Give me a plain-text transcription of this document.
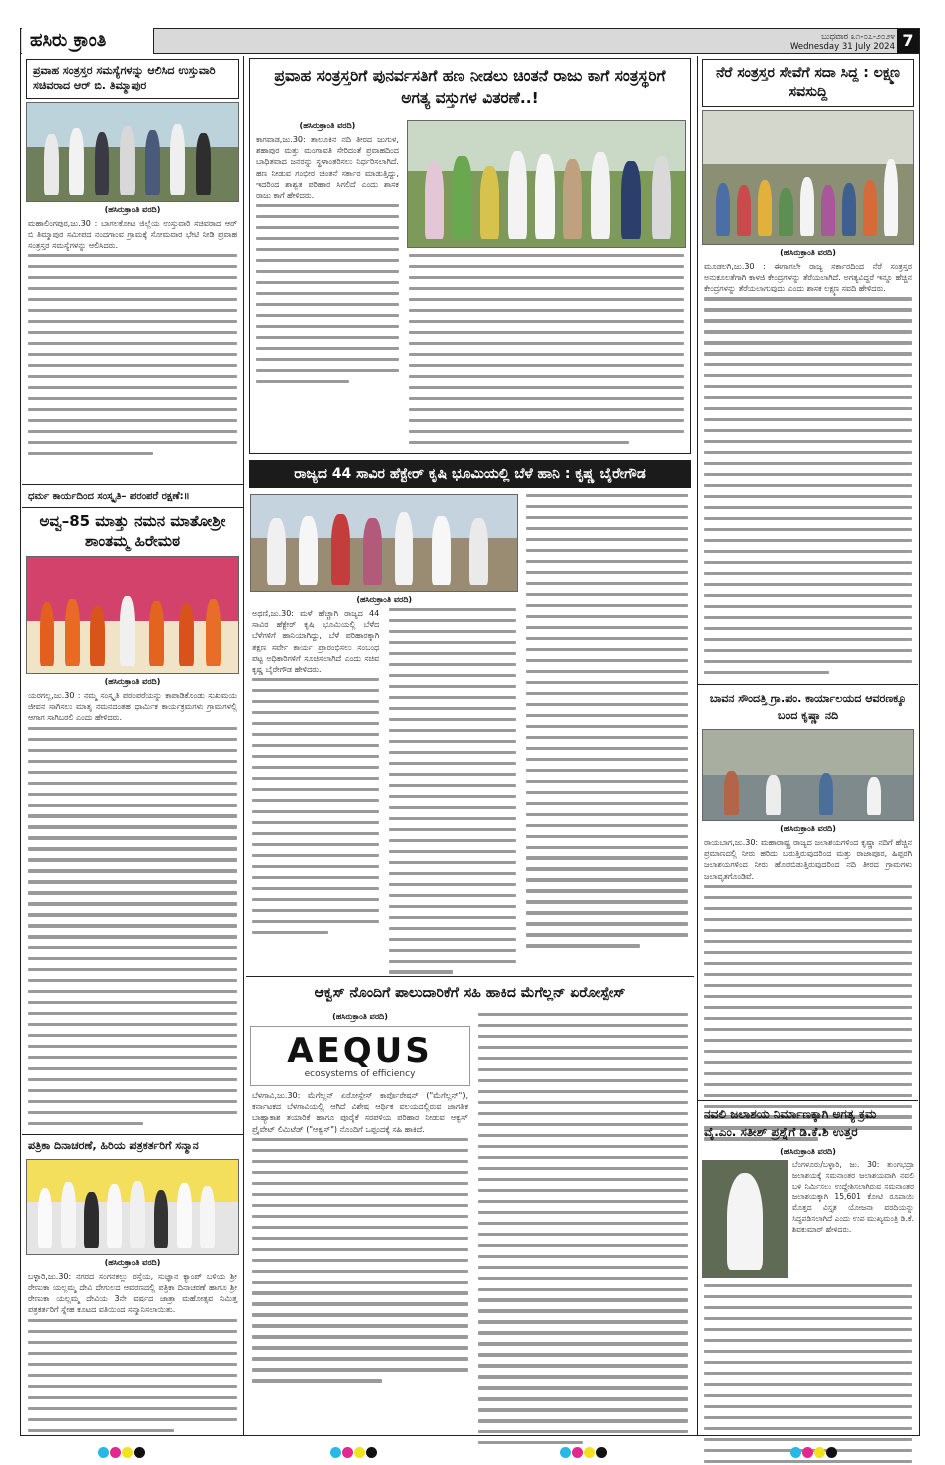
ಬುಧವಾರ ೩೧-೦೭-೨೦೨೪
Wednesday 31 July 2024 7
ಹಸಿರು ಕ್ರಾಂತಿ
ಪ್ರವಾಹ ಸಂತ್ರಸ್ತರ ಸಮಸ್ಯೆಗಳನ್ನು ಆಲಿಸಿದ ಉಸ್ತುವಾರಿ ಸಚಿವರಾದ ಆರ್ ಬಿ. ತಿಮ್ಮಾಪುರ
(ಹಸಿರುಕ್ರಾಂತಿ ವರದಿ)
ಮಹಾಲಿಂಗಪುರ,ಜು.30 : ಬಾಗಲಕೋಟ ಜಿಲ್ಲೆಯ ಉಸ್ತುವಾರಿ ಸಚಿವರಾದ ಆರ್ ಬಿ ತಿಮ್ಮಾಪುರ ಸಮೀಪದ ನಂದಗಾಂವ ಗ್ರಾಮಕ್ಕೆ ಸೋಮವಾರ ಭೇಟಿ ನೀಡಿ ಪ್ರವಾಹ ಸಂತ್ರಸ್ತರ ಸಮಸ್ಯೆಗಳನ್ನು ಆಲಿಸಿದರು.
ಧರ್ಮ ಕಾರ್ಯದಿಂದ ಸಂಸ್ಕೃತಿ– ಪರಂಪರೆ ರಕ್ಷಣೆ:॥
ಅವ್ವ–85 ಮಾತ್ತು ನಮನ ಮಾತೋಶ್ರೀ ಶಾಂತಮ್ಮ ಹಿರೇಮಠ
(ಹಸಿರುಕ್ರಾಂತಿ ವರದಿ)
ಯರಗಲ್ಲ,ಜು.30 : ನಮ್ಮ ಸಂಸ್ಕೃತಿ ಪರಂಪರೆಯನ್ನು ಕಾಪಾಡಿಕೊಂಡು ಸುಖಮಯ ಜೀವನ ಸಾಗಿಸಲು ಮಾತೃ ನಮನದಂತಹ ಧಾರ್ಮಿಕ ಕಾರ್ಯಕ್ರಮಗಳು ಗ್ರಾಮಗಳಲ್ಲಿ ಆಗಾಗ ಸಾಗಿಬರಲಿ ಎಂದು ಹೇಳಿದರು.
ಪತ್ರಿಕಾ ದಿನಾಚರಣೆ, ಹಿರಿಯ ಪತ್ರಕರ್ತರಿಗೆ ಸನ್ಮಾನ
(ಹಸಿರುಕ್ರಾಂತಿ ವರದಿ)
ಬಳ್ಳಾರಿ,ಜು.30: ನಗರದ ಸಂಗನಕಲ್ಲು ರಸ್ತೆಯ, ಸುಜ್ಞಾನ ಕ್ಯಾಂಪ್ ಬಳಿಯ ಶ್ರೀ ರೇಣುಕಾ ಯಲ್ಲಮ್ಮ ದೇವಿ ದೇಗುಲದ ಆವರಣದಲ್ಲಿ ಪತ್ರಿಕಾ ದಿನಾಚರಣೆ ಹಾಗೂ ಶ್ರೀ ರೇಣುಕಾ ಯಲ್ಲಮ್ಮ ದೇವಿಯ 3ನೇ ವರ್ಷದ ಜಾತ್ರಾ ಮಹೋತ್ಸವ ನಿಮಿತ್ತ ಪತ್ರಕರ್ತರಿಗೆ ಸ್ನೇಹ ಕೂಟದ ವತಿಯಿಂದ ಸನ್ಮಾನಿಸಲಾಯಿತು.
ಪ್ರವಾಹ ಸಂತ್ರಸ್ತರಿಗೆ ಪುನರ್ವಸತಿಗೆ ಹಣ ನೀಡಲು ಚಿಂತನೆ ರಾಜು ಕಾಗೆ ಸಂತ್ರಸ್ಥರಿಗೆ ಅಗತ್ಯ ವಸ್ತುಗಳ ವಿತರಣೆ..!
(ಹಸಿರುಕ್ರಾಂತಿ ವರದಿ)
ಕಾಗವಾಡ,ಜು.30: ತಾಲೂಕಿನ ನದಿ ತೀರದ ಜುಗುಳ, ಶಹಾಪುರ ಮತ್ತು ಮಂಗಾವತಿ ಸೇರಿದಂತೆ ಪ್ರವಾಹದಿಂದ ಬಾಧಿತವಾದ ಜನರನ್ನು ಸ್ಥಳಾಂತರಿಸಲು ನಿರ್ಧರಿಸಲಾಗಿದೆ. ಹಣ ನೀಡುವ ಗಂಭೀರ ಚಿಂತನೆ ಸರ್ಕಾರ ಮಾಡುತ್ತಿದ್ದು, ಇದರಿಂದ ಶಾಶ್ವತ ಪರಿಹಾರ ಸಿಗಲಿದೆ ಎಂದು ಶಾಸಕ ರಾಜು ಕಾಗೆ ಹೇಳಿದರು.
ರಾಜ್ಯದ 44 ಸಾವಿರ ಹೆಕ್ಟೇರ್ ಕೃಷಿ ಭೂಮಿಯಲ್ಲಿ ಬೆಳೆ ಹಾನಿ : ಕೃಷ್ಣ ಬೈರೇಗೌಡ
(ಹಸಿರುಕ್ರಾಂತಿ ವರದಿ)
ಅಥಣಿ,ಜು.30: ಮಳೆ ಹೆಚ್ಚಾಗಿ ರಾಜ್ಯದ 44 ಸಾವಿರ ಹೆಕ್ಟೇರ್ ಕೃಷಿ ಭೂಮಿಯಲ್ಲಿ ಬೆಳೆದ ಬೆಳೆಗಳಿಗೆ ಹಾನಿಯಾಗಿದ್ದು, ಬೆಳೆ ಪರಿಹಾರಕ್ಕಾಗಿ ತಕ್ಷಣ ಸರ್ವೇ ಕಾರ್ಯ ಪ್ರಾರಂಭಿಸಲು ಸಂಬಂಧ ಪಟ್ಟ ಅಧಿಕಾರಿಗಳಿಗೆ ಸೂಚಿಸಲಾಗಿದೆ ಎಂದು ಸಚಿವ ಕೃಷ್ಣ ಬೈರೇಗೌಡ ಹೇಳಿದರು.
ಆಕ್ವಸ್ ನೊಂದಿಗೆ ಪಾಲುದಾರಿಕೆಗೆ ಸಹಿ ಹಾಕಿದ ಮೆಗೆಲ್ಲನ್ ಏರೋಸ್ಪೇಸ್
(ಹಸಿರುಕ್ರಾಂತಿ ವರದಿ)
AEQUS
ecosystems of efficiency
ಬೆಳಗಾವಿ,ಜು.30: ಮೆಗೆಲ್ಲನ್ ಏರೋಸ್ಪೇಸ್ ಕಾರ್ಪೊರೇಷನ್ ("ಮೆಗೆಲ್ಲನ್"), ಕರ್ನಾಟಕದ ಬೆಳಗಾವಿಯಲ್ಲಿ ಆಗಿದೆ ವಿಶೇಷ ಆರ್ಥಿಕ ವಲಯದಲ್ಲಿರುವ ಜಾಗತಿಕ ಬಾಹ್ಯಾಕಾಶ ತಯಾರಿಕೆ ಹಾಗೂ ಪೂರೈಕೆ ಸರಪಳಿಯ ಪರಿಹಾರ ನೀಡುವ ಆಕ್ವಸ್ ಪ್ರೈವೇಟ್ ಲಿಮಿಟೆಡ್ ("ಆಕ್ವಸ್") ನೊಂದಿಗೆ ಒಪ್ಪಂದಕ್ಕೆ ಸಹಿ ಹಾಕಿದೆ.
ನೆರೆ ಸಂತ್ರಸ್ತರ ಸೇವೆಗೆ ಸದಾ ಸಿದ್ದ : ಲಕ್ಷ್ಮಣ ಸವಸುದ್ದಿ
(ಹಸಿರುಕ್ರಾಂತಿ ವರದಿ)
ಮೂಡಲಗಿ,ಜು.30 : ಈಗಾಗಲೇ ರಾಜ್ಯ ಸರ್ಕಾರದಿಂದ ನೆರೆ ಸಂತ್ರಸ್ತರ ಅನುಕೂಲತೆಗಾಗಿ ಕಾಳಜಿ ಕೇಂದ್ರಗಳನ್ನು ತೆರೆಯಲಾಗಿದೆ. ಅಗತ್ಯವಿದ್ದರೆ ಇನ್ನೂ ಹೆಚ್ಚಿನ ಕೇಂದ್ರಗಳನ್ನು ತೆರೆಯಲಾಗುವುದು ಎಂದು ಶಾಸಕ ಲಕ್ಷ್ಮಣ ಸವದಿ ಹೇಳಿದರು.
ಬಾವನ ಸೌಂದತ್ತಿ ಗ್ರಾ.ಪಂ. ಕಾರ್ಯಾಲಯದ ಆವರಣಕ್ಕೂ ಬಂದ ಕೃಷ್ಣಾ ನದಿ
(ಹಸಿರುಕ್ರಾಂತಿ ವರದಿ)
ರಾಯಬಾಗ,ಜು.30: ಮಹಾರಾಷ್ಟ್ರ ರಾಜ್ಯದ ಜಲಾಶಯಗಳಿಂದ ಕೃಷ್ಣಾ ನದಿಗೆ ಹೆಚ್ಚಿನ ಪ್ರಮಾಣದಲ್ಲಿ ನೀರು ಹರಿದು ಬರುತ್ತಿರುವುದರಿಂದ ಮತ್ತು ರಾಜಾಪೂರ, ಹಿಪ್ಪರಗಿ ಜಲಾಶಯಗಳಿಂದ ನೀರು ಹೊರಬಿಡುತ್ತಿರುವುದರಿಂದ ನದಿ ತೀರದ ಗ್ರಾಮಗಳು ಜಲಾವೃತಗೊಂಡಿವೆ.
ನವಲಿ ಜಲಾಶಯ ನಿರ್ಮಾಣಕ್ಕಾಗಿ ಅಗತ್ಯ ಕ್ರಮ ವೈ.ಎಂ. ಸತೀಶ್ ಪ್ರಶ್ನೆಗೆ ಡಿ.ಕೆ.ಶಿ ಉತ್ತರ
(ಹಸಿರುಕ್ರಾಂತಿ ವರದಿ)
ಬೆಂಗಳೂರು/ಬಳ್ಳಾರಿ, ಜು. 30: ತುಂಗಭದ್ರಾ ಜಲಾಶಯಕ್ಕೆ ಸಮನಾಂತರ ಜಲಾಶಯವಾಗಿ ನವಲಿ ಬಳಿ ನಿರ್ಮಿಸಲು ಉದ್ದೇಶಿಸಲಾಗಿರುವ ಸಮನಾಂತರ ಜಲಾಶಯಕ್ಕಾಗಿ 15,601 ಕೋಟಿ ರೂಪಾಯಿ ಮೊತ್ತದ ವಿಸ್ತೃತ ಯೋಜನಾ ವರದಿಯನ್ನು ಸಿದ್ಧಪಡಿಸಲಾಗಿದೆ ಎಂದು ಉಪ ಮುಖ್ಯಮಂತ್ರಿ ಡಿ.ಕೆ. ಶಿವಕುಮಾರ್ ಹೇಳಿದರು.
